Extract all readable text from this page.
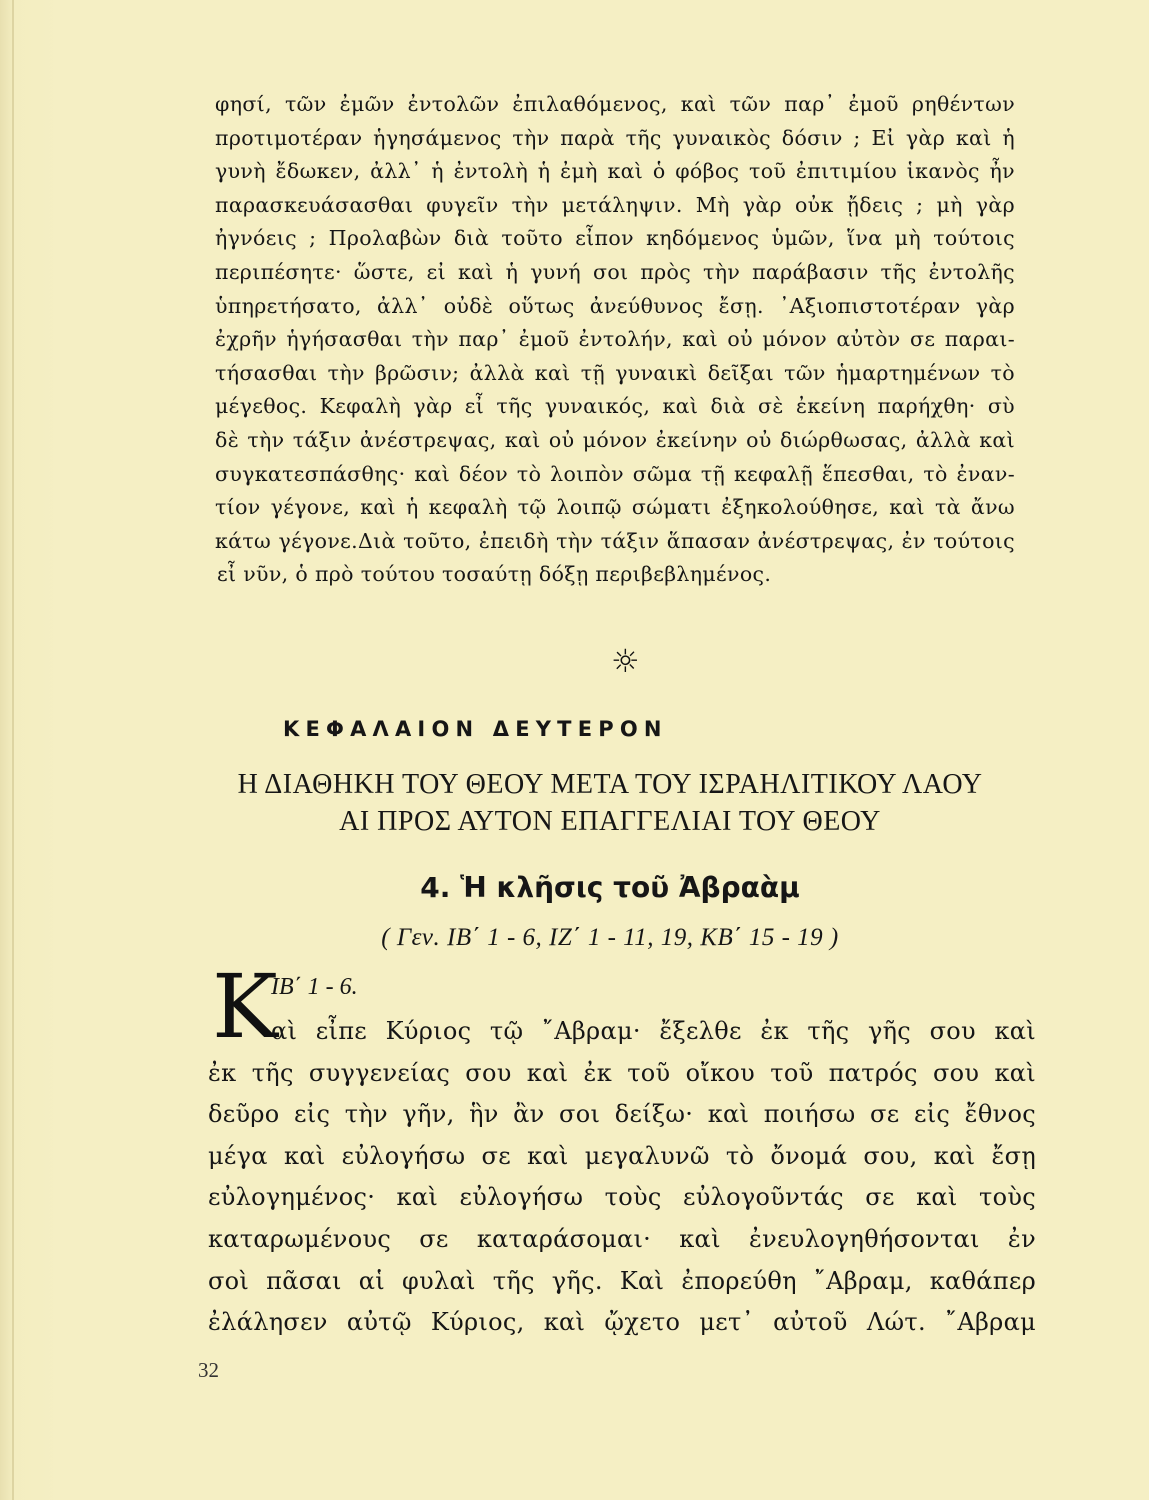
φησί, τῶν ἐμῶν ἐντολῶν ἐπιλαθόμενος, καὶ τῶν παρ᾽ ἐμοῦ ρηθέντων
προτιμοτέραν ἡγησάμενος τὴν παρὰ τῆς γυναικὸς δόσιν ; Εἰ γὰρ καὶ ἡ
γυνὴ ἔδωκεν, ἀλλ᾽ ἡ ἐντολὴ ἡ ἐμὴ καὶ ὁ φόβος τοῦ ἐπιτιμίου ἱκανὸς ἦν
παρασκευάσασθαι φυγεῖν τὴν μετάληψιν. Μὴ γὰρ οὐκ ᾔδεις ; μὴ γὰρ
ἠγνόεις ; Προλαβὼν διὰ τοῦτο εἶπον κηδόμενος ὑμῶν, ἵνα μὴ τούτοις
περιπέσητε· ὥστε, εἰ καὶ ἡ γυνή σοι πρὸς τὴν παράβασιν τῆς ἐντολῆς
ὑπηρετήσατο, ἀλλ᾽ οὐδὲ οὕτως ἀνεύθυνος ἔσῃ. ᾽Αξιοπιστοτέραν γὰρ
ἐχρῆν ἡγήσασθαι τὴν παρ᾽ ἐμοῦ ἐντολήν, καὶ οὐ μόνον αὐτὸν σε παραι-
τήσασθαι τὴν βρῶσιν; ἀλλὰ καὶ τῇ γυναικὶ δεῖξαι τῶν ἡμαρτημένων τὸ
μέγεθος. Κεφαλὴ γὰρ εἶ τῆς γυναικός, καὶ διὰ σὲ ἐκείνη παρήχθη· σὺ
δὲ τὴν τάξιν ἀνέστρεψας, καὶ οὐ μόνον ἐκείνην οὐ διώρθωσας, ἀλλὰ καὶ
συγκατεσπάσθης· καὶ δέον τὸ λοιπὸν σῶμα τῇ κεφαλῇ ἕπεσθαι, τὸ ἐναν-
τίον γέγονε, καὶ ἡ κεφαλὴ τῷ λοιπῷ σώματι ἐξηκολούθησε, καὶ τὰ ἄνω
κάτω γέγονε.Διὰ τοῦτο, ἐπειδὴ τὴν τάξιν ἅπασαν ἀνέστρεψας, ἐν τούτοις
εἶ νῦν, ὁ πρὸ τούτου τοσαύτῃ δόξῃ περιβεβλημένος.
☼
ΚΕΦΑΛΑΙΟΝ ΔΕΥΤΕΡΟΝ
Η ΔΙΑΘΗΚΗ ΤΟΥ ΘΕΟΥ ΜΕΤΑ ΤΟΥ ΙΣΡΑΗΛΙΤΙΚΟΥ ΛΑΟΥ
ΑΙ ΠΡΟΣ ΑΥΤΟΝ ΕΠΑΓΓΕΛΙΑΙ ΤΟΥ ΘΕΟΥ
4. Ἡ κλῆσις τοῦ Ἀβραὰμ
( Γεν. ΙΒ΄ 1 - 6, ΙΖ΄ 1 - 11, 19, ΚΒ΄ 15 - 19 )
Κ
ΙΒ΄ 1 - 6.
αὶ εἶπε Κύριος τῷ ῎Αβραμ· ἔξελθε ἐκ τῆς γῆς σου καὶ
ἐκ τῆς συγγενείας σου καὶ ἐκ τοῦ οἴκου τοῦ πατρός σου καὶ
δεῦρο εἰς τὴν γῆν, ἣν ἂν σοι δείξω· καὶ ποιήσω σε εἰς ἔθνος
μέγα καὶ εὐλογήσω σε καὶ μεγαλυνῶ τὸ ὄνομά σου, καὶ ἔσῃ
εὐλογημένος· καὶ εὐλογήσω τοὺς εὐλογοῦντάς σε καὶ τοὺς
καταρωμένους σε καταράσομαι· καὶ ἐνευλογηθήσονται ἐν
σοὶ πᾶσαι αἱ φυλαὶ τῆς γῆς. Καὶ ἐπορεύθη ῎Αβραμ, καθάπερ
ἐλάλησεν αὐτῷ Κύριος, καὶ ᾤχετο μετ᾽ αὐτοῦ Λώτ. ῎Αβραμ
32
